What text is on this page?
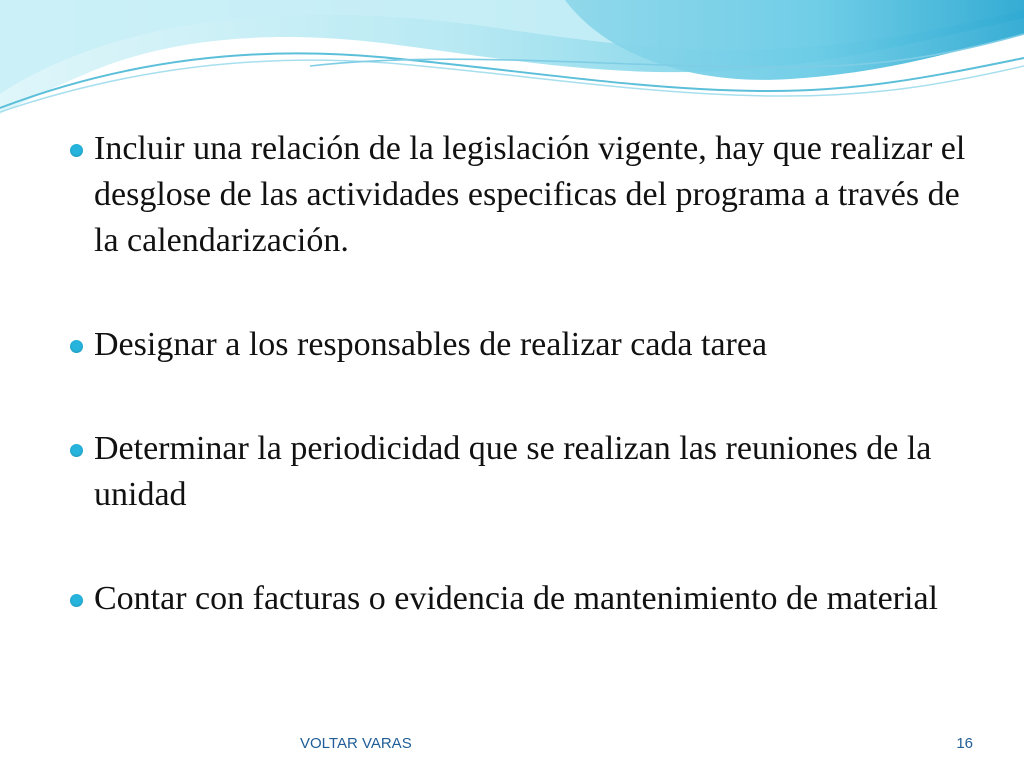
Incluir una relación de la legislación vigente, hay que realizar el desglose de las actividades especificas del programa a través de la calendarización.
Designar a los responsables de realizar cada tarea
Determinar la periodicidad que se realizan las reuniones de la unidad
Contar con facturas o evidencia de mantenimiento de material
VOLTAR VARAS	16
